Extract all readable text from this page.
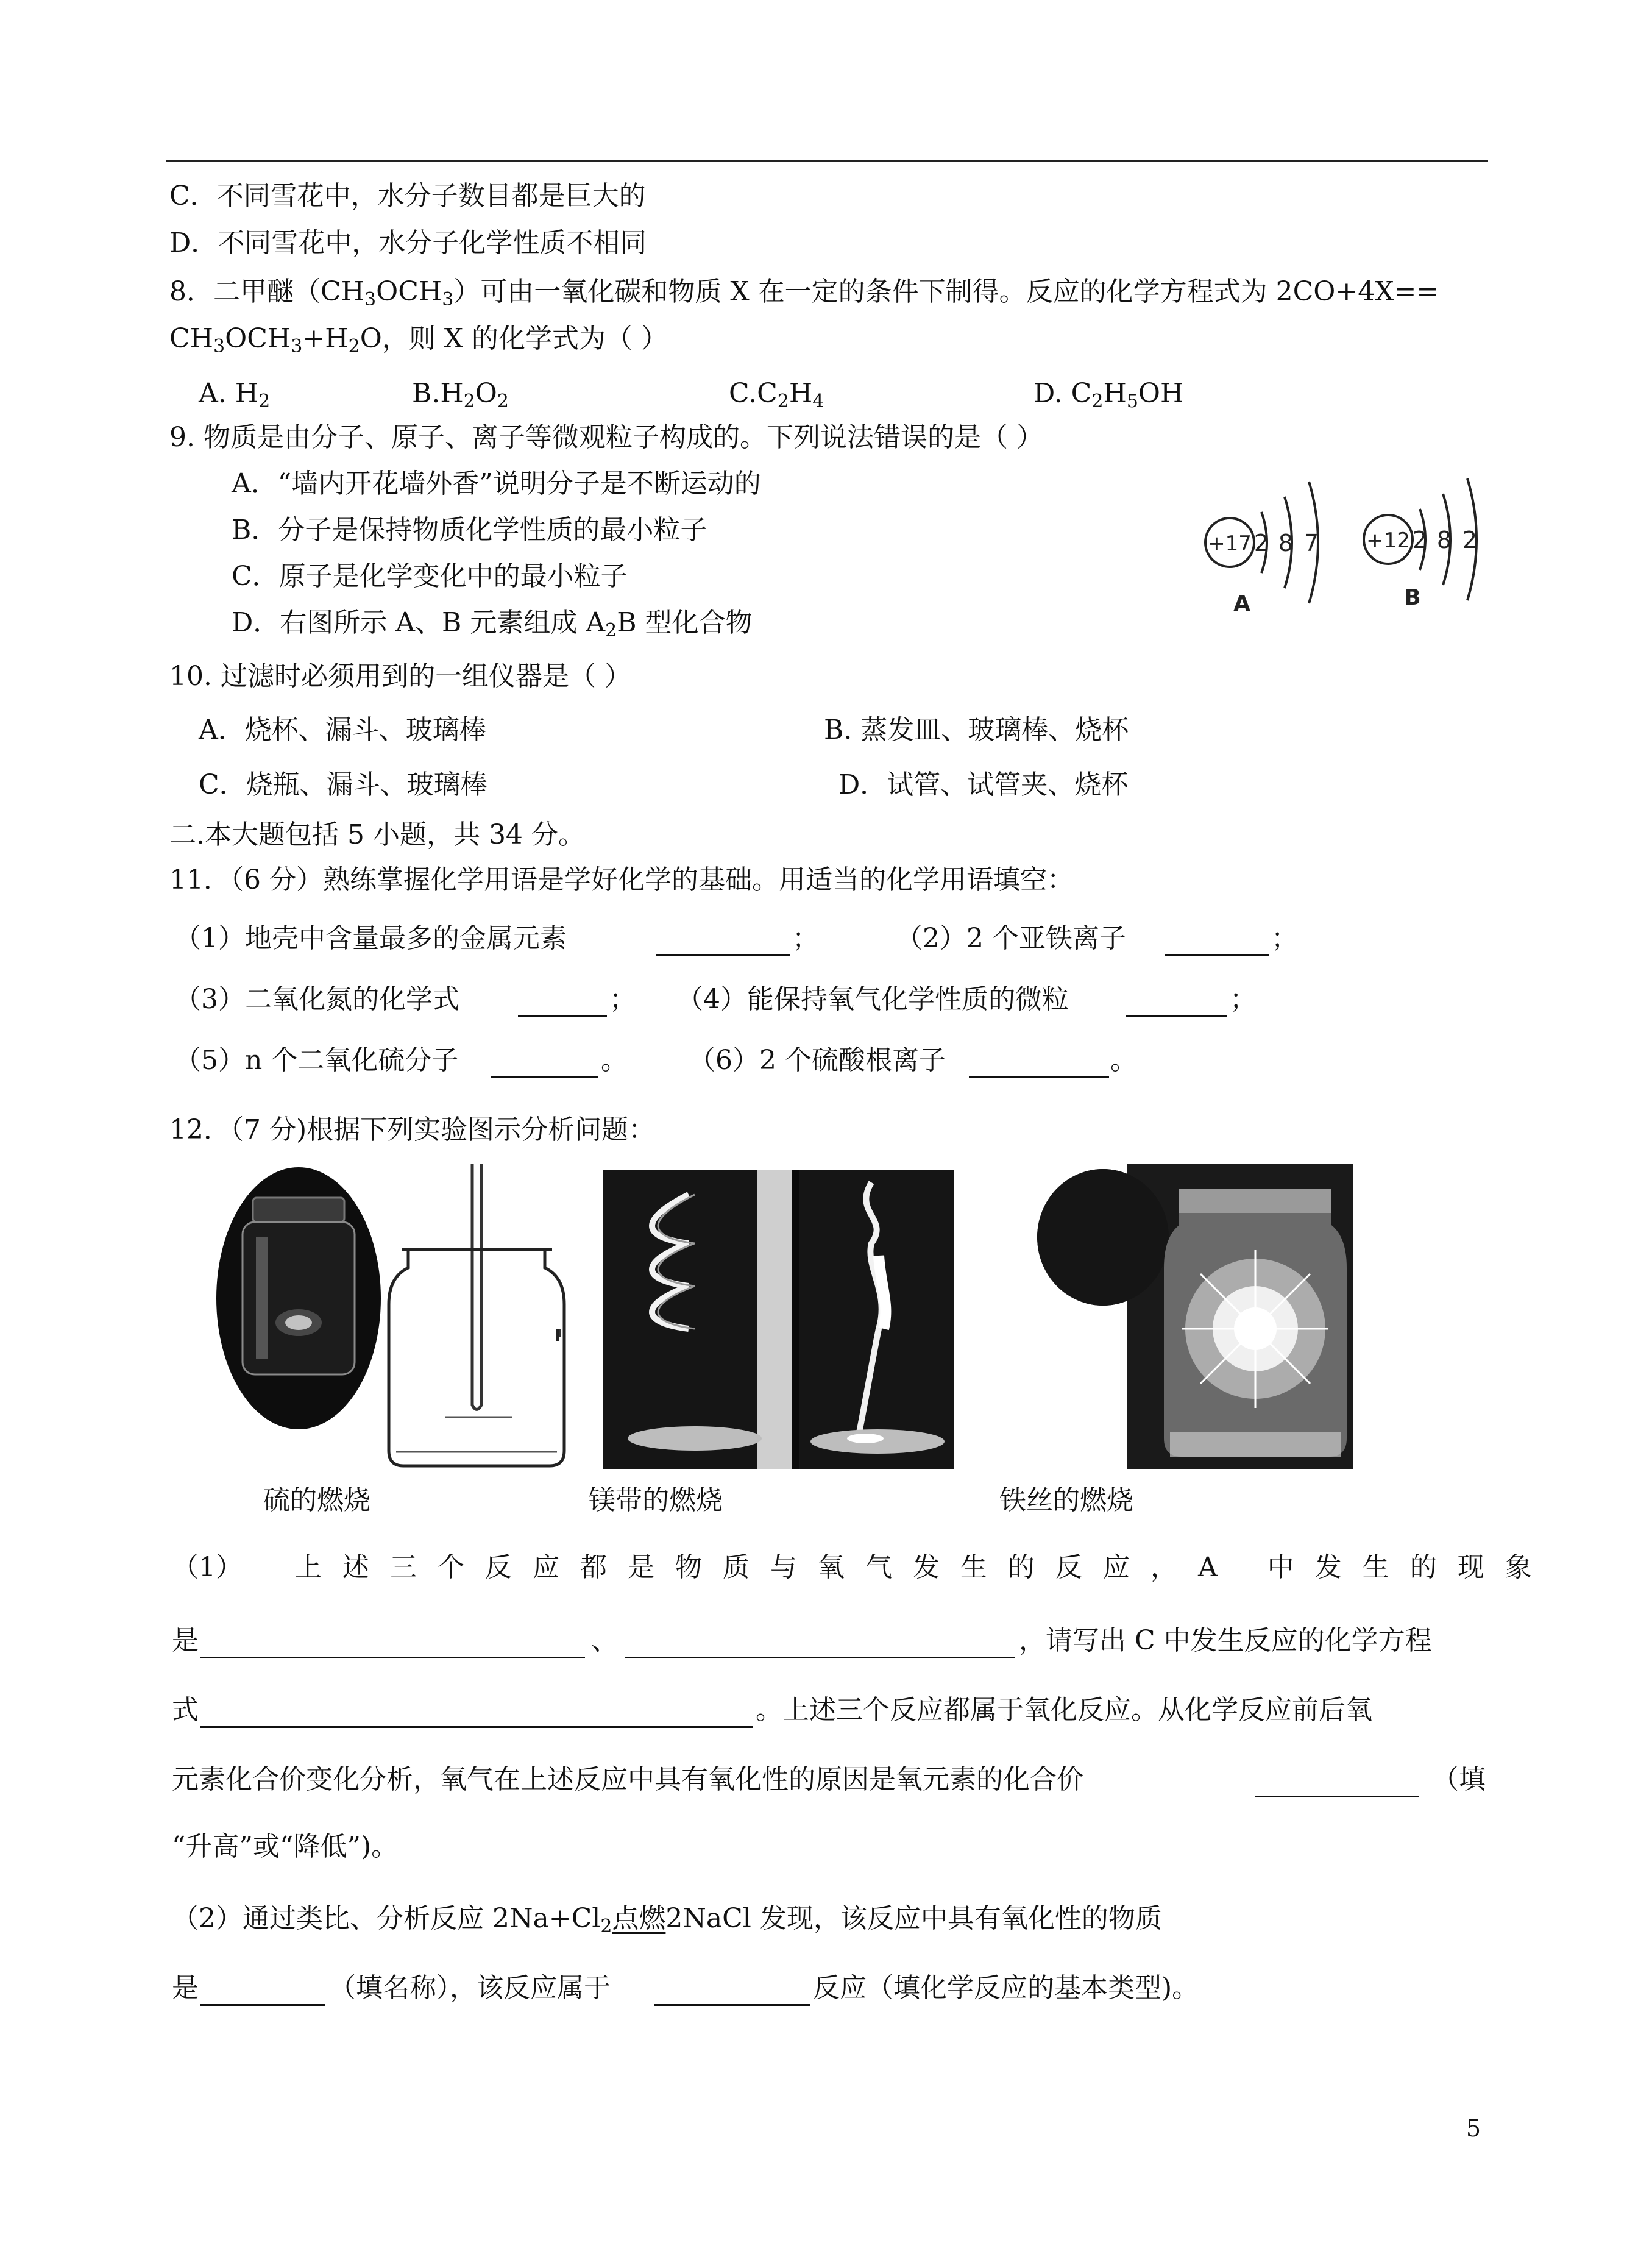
C．不同雪花中，水分子数目都是巨大的
D．不同雪花中，水分子化学性质不相同
8．二甲醚$(CH_3OCH_3)$可由一氧化碳和物质 X 在一定的条件下制得。反应的化学方程式为 2CO+4X==
$CH_3OCH_3+H_2O$，则 X 的化学式为（ ）
A. $H_2$	$B.H_2O_2$	$C.C_2H_4$	D. $C_2H_5OH$
9. 物质是由分子、原子、离子等微观粒子构成的。下列说法错误的是（ ）
A．“墙内开花墙外香”说明分子是不断运动的
B．分子是保持物质化学性质的最小粒子
C．原子是化学变化中的最小粒子
D．右图所示 A、B 元素组成 $A_2B$ 型化合物
+17 2 8 7
A
+12 2 8 2
B
10. 过滤时必须用到的一组仪器是（ ）
A．烧杯、漏斗、玻璃棒	B. 蒸发皿、玻璃棒、烧杯
C．烧瓶、漏斗、玻璃棒	D．试管、试管夹、烧杯
二.本大题包括 5 小题，共 34 分。
11．（6 分）熟练掌握化学用语是学好化学的基础。用适当的化学用语填空：
（1）地壳中含量最多的金属元素	；	（2）2 个亚铁离子	；
（3）二氧化氮的化学式	； （4）能保持氧气化学性质的微粒	；
（5）n 个二氧化硫分子	。 （6）2 个硫酸根离子	。
12．（7 分)根据下列实验图示分析问题：
硫的燃烧	镁带的燃烧	铁丝的燃烧
（1） 上述三个反应都是物质与氧气发生的反应，A 中发生的现象
是	、	，请写出 C 中发生反应的化学方程
式	。上述三个反应都属于氧化反应。从化学反应前后氧
元素化合价变化分析，氧气在上述反应中具有氧化性的原因是氧元素的化合价	（填
“升高”或“降低”)。
（2）通过类比、分析反应 $2Na+Cl_2$点燃2NaCl 发现，该反应中具有氧化性的物质
是	（填名称），该反应属于	反应（填化学反应的基本类型)。
5
